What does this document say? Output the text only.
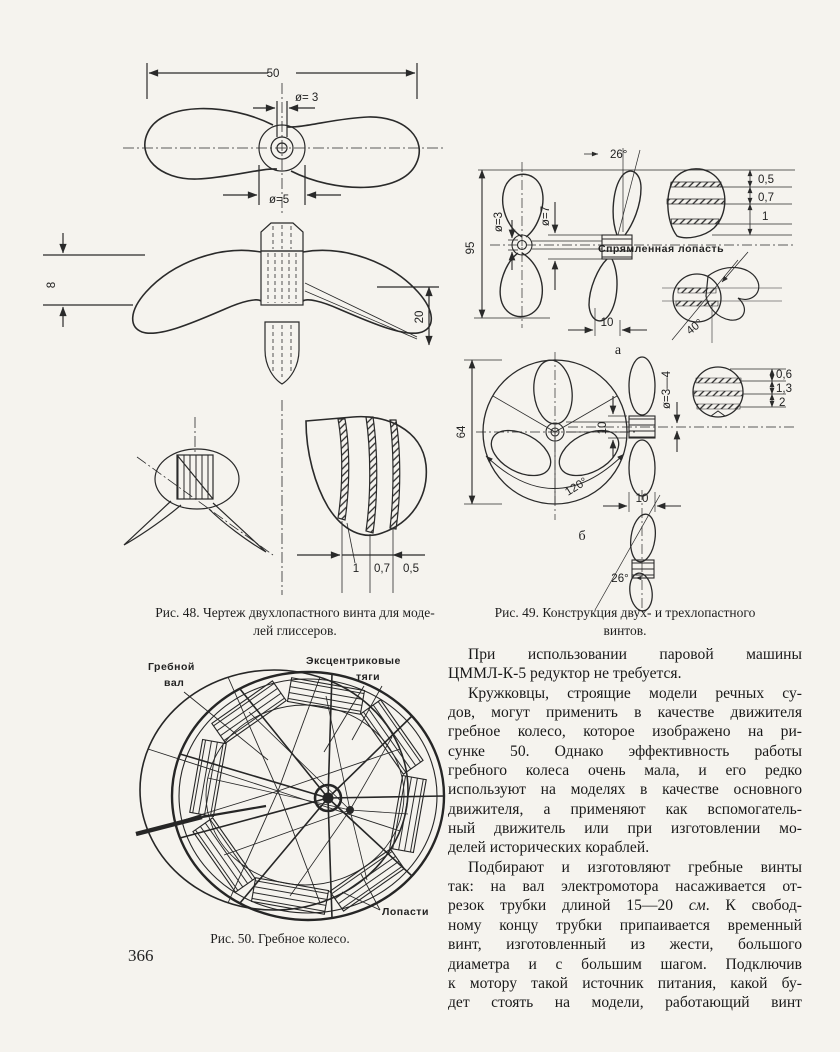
50
ø= 3
ø=5
8
20
1 0,7 0,5
95
ø=3	ø=7
26°
10
0,5
0,7
1
Спрямленная лопасть
40°
а
64
120°
10
ø=3—4
10
26°
0,6
1,3
2
б
Рис. 48. Чертеж двухлопастного винта для моде-
лей глиссеров.
Рис. 49. Конструкция двух- и трехлопастного
винтов.
При использовании паровой машины
ЦММЛ-К-5 редуктор не требуется.
Кружковцы, строящие модели речных су-
дов, могут применить в качестве движителя
гребное колесо, которое изображено на ри-
сунке 50. Однако эффективность работы
гребного колеса очень мала, и его редко
используют на моделях в качестве основного
движителя, а применяют как вспомогатель-
ный движитель или при изготовлении мо-
делей исторических кораблей.
Подбирают и изготовляют гребные винты
так: на вал электромотора насаживается от-
резок трубки длиной 15—20 см. К свобод-
ному концу трубки припаивается временный
винт, изготовленный из жести, большого
диаметра и с большим шагом. Подключив
к мотору такой источник питания, какой бу-
дет стоять на модели, работающий винт
Гребной
вал
Эксцентриковые
тяги
Лопасти
Рис. 50. Гребное колесо.
366
